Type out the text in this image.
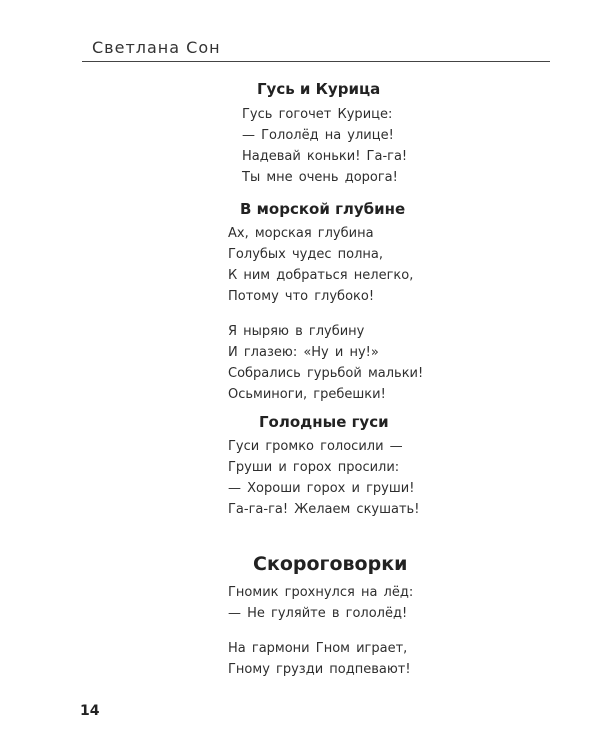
Светлана Сон
Гусь и Курица
Гусь гогочет Курице:
— Гололёд на улице!
Надевай коньки! Га-га!
Ты мне очень дорога!
В морской глубине
Ах, морская глубина
Голубых чудес полна,
К ним добраться нелегко,
Потому что глубоко!
Я ныряю в глубину
И глазею: «Ну и ну!»
Собрались гурьбой мальки!
Осьминоги, гребешки!
Голодные гуси
Гуси громко голосили —
Груши и горох просили:
— Хороши горох и груши!
Га-га-га! Желаем скушать!
Скороговорки
Гномик грохнулся на лёд:
— Не гуляйте в гололёд!
На гармони Гном играет,
Гному грузди подпевают!
14
